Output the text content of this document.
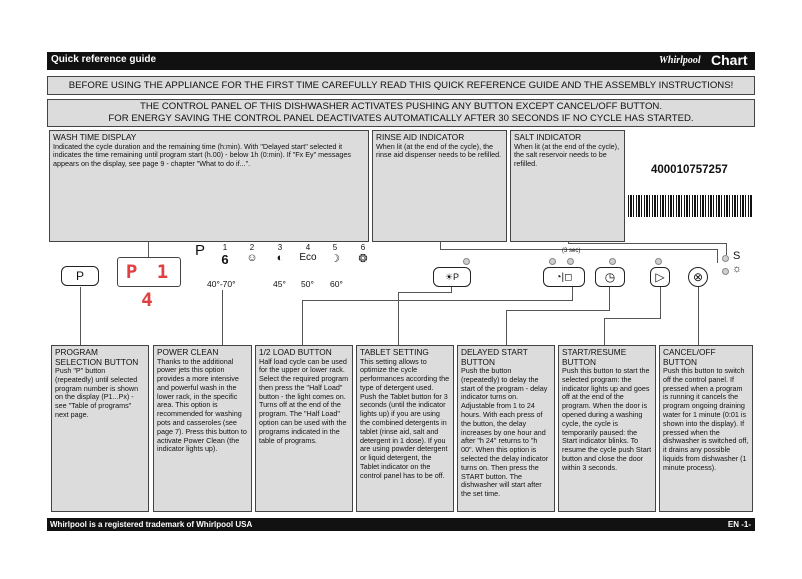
Quick reference guide	Whirlpool Chart
BEFORE USING THE APPLIANCE FOR THE FIRST TIME CAREFULLY READ THIS QUICK REFERENCE GUIDE AND THE ASSEMBLY INSTRUCTIONS!
THE CONTROL PANEL OF THIS DISHWASHER ACTIVATES PUSHING ANY BUTTON EXCEPT CANCEL/OFF BUTTON.
FOR ENERGY SAVING THE CONTROL PANEL DEACTIVATES AUTOMATICALLY AFTER 30 SECONDS IF NO CYCLE HAS STARTED.
WASH TIME DISPLAY
Indicated the cycle duration and the remaining time (h:min). With "Delayed start" selected it indicates the time remaining until program start (h.00) - below 1h (0:min). If "Fx Ey" messages appears on the display, see page 9 - chapter "What to do if...".
RINSE AID INDICATOR
When lit (at the end of the cycle), the rinse aid dispenser needs to be refilled.
SALT INDICATOR
When lit (at the end of the cycle), the salt reservoir needs to be refilled.
400010757257
P	P 1 4
P	1
6
2
☺
3
◐
4
Eco
5
☽
6
❂
40°-70°	45° 50° 60°
(3 sec)	S
☼
☀P	◔|◻	◷	▷	⊗
PROGRAM SELECTION BUTTON
Push "P" button (repeatedly) until selected program number is shown on the display (P1...Px) - see "Table of programs" next page.
POWER CLEAN
Thanks to the additional power jets this option provides a more intensive and powerful wash in the lower rack, in the specific area. This option is recommended for washing pots and casseroles (see page 7). Press this button to activate Power Clean (the indicator lights up).
1/2 LOAD BUTTON
Half load cycle can be used for the upper or lower rack. Select the required program then press the "Half Load" button - the light comes on. Turns off at the end of the program. The "Half Load" option can be used with the programs indicated in the table of programs.
TABLET SETTING
This setting allows to optimize the cycle performances according the type of detergent used. Push the Tablet button for 3 seconds (until the indicator lights up) if you are using the combined detergents in tablet (rinse aid, salt and detergent in 1 dose). If you are using powder detergent or liquid detergent, the Tablet indicator on the control panel has to be off.
DELAYED START BUTTON
Push the button (repeatedly) to delay the start of the program - delay indicator turns on. Adjustable from 1 to 24 hours. With each press of the button, the delay increases by one hour and after "h 24" returns to "h 00". When this option is selected the delay indicator turns on. Then press the START button. The dishwasher will start after the set time.
START/RESUME BUTTON
Push this button to start the selected program: the indicator lights up and goes off at the end of the program. When the door is opened during a washing cycle, the cycle is temporarily paused: the Start indicator blinks. To resume the cycle push Start button and close the door within 3 seconds.
CANCEL/OFF BUTTON
Push this button to switch off the control panel. If pressed when a program is running it cancels the program ongoing draining water for 1 minute (0:01 is shown into the display). If pressed when the dishwasher is switched off, it drains any possible liquids from dishwasher (1 minute process).
Whirlpool is a registered trademark of Whirlpool USA	EN -1-
